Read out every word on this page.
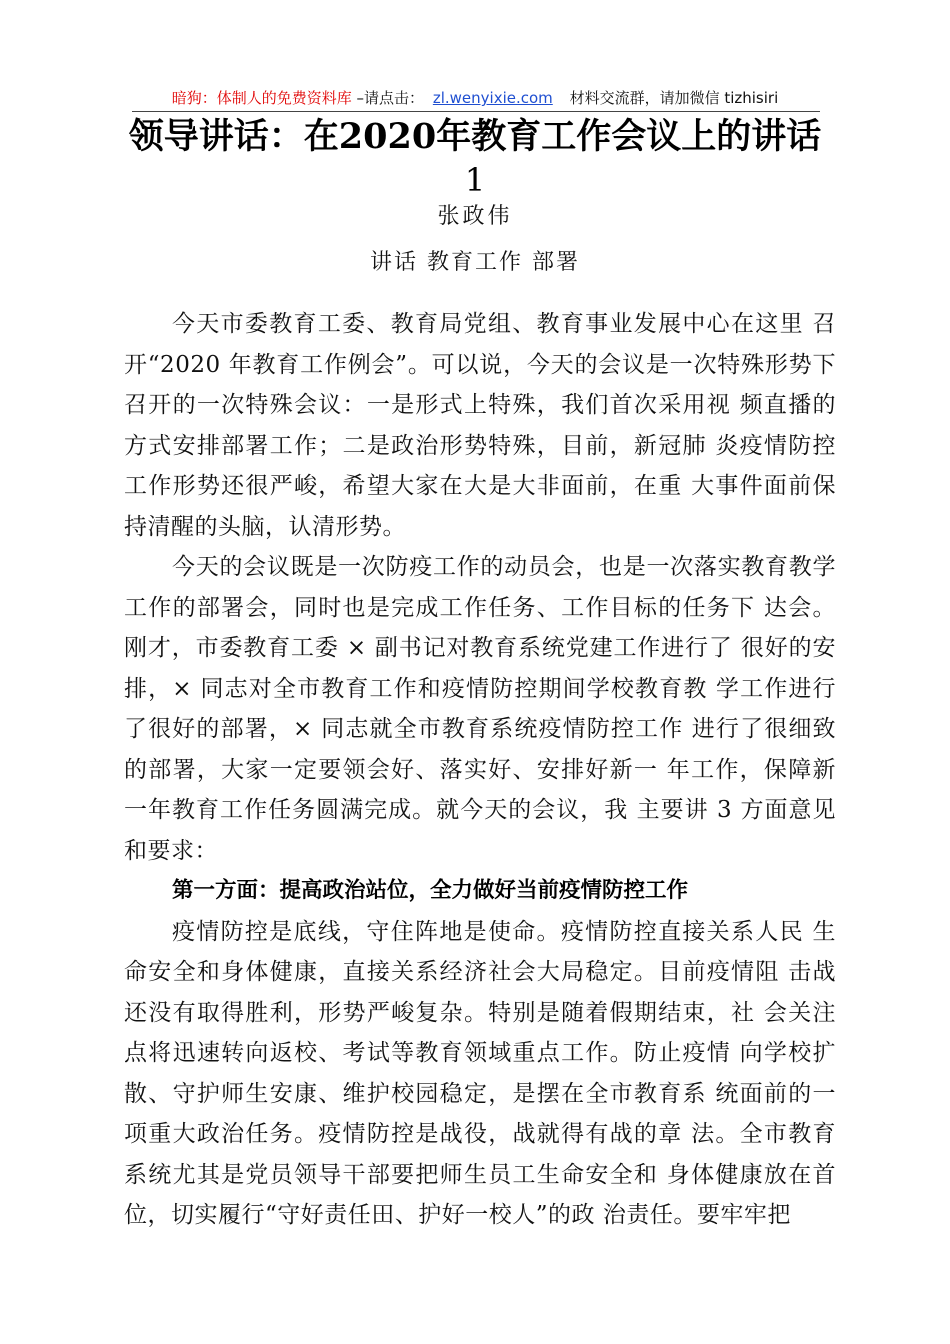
暗狗：体制人的免费资料库 –请点击： zl.wenyixie.com 材料交流群，请加微信 tizhisiri
领导讲话：在2020年教育工作会议上的讲话
1
张政伟
讲话 教育工作 部署

今天市委教育工委、教育局党组、教育事业发展中心在这里 召开“2020 年教育工作例会”。可以说，今天的会议是一次特殊形势下召开的一次特殊会议：一是形式上特殊，我们首次采用视 频直播的方式安排部署工作；二是政治形势特殊，目前，新冠肺 炎疫情防控工作形势还很严峻，希望大家在大是大非面前，在重 大事件面前保持清醒的头脑，认清形势。

今天的会议既是一次防疫工作的动员会，也是一次落实教育教学工作的部署会，同时也是完成工作任务、工作目标的任务下 达会。刚才，市委教育工委 × 副书记对教育系统党建工作进行了 很好的安排，× 同志对全市教育工作和疫情防控期间学校教育教 学工作进行了很好的部署，× 同志就全市教育系统疫情防控工作 进行了很细致的部署，大家一定要领会好、落实好、安排好新一 年工作，保障新一年教育工作任务圆满完成。就今天的会议，我 主要讲 3 方面意见和要求：

第一方面：提高政治站位，全力做好当前疫情防控工作

疫情防控是底线，守住阵地是使命。疫情防控直接关系人民 生命安全和身体健康，直接关系经济社会大局稳定。目前疫情阻 击战还没有取得胜利，形势严峻复杂。特别是随着假期结束，社 会关注点将迅速转向返校、考试等教育领域重点工作。防止疫情 向学校扩散、守护师生安康、维护校园稳定，是摆在全市教育系 统面前的一项重大政治任务。疫情防控是战役，战就得有战的章 法。全市教育系统尤其是党员领导干部要把师生员工生命安全和 身体健康放在首位，切实履行“守好责任田、护好一校人”的政 治责任。要牢牢把
